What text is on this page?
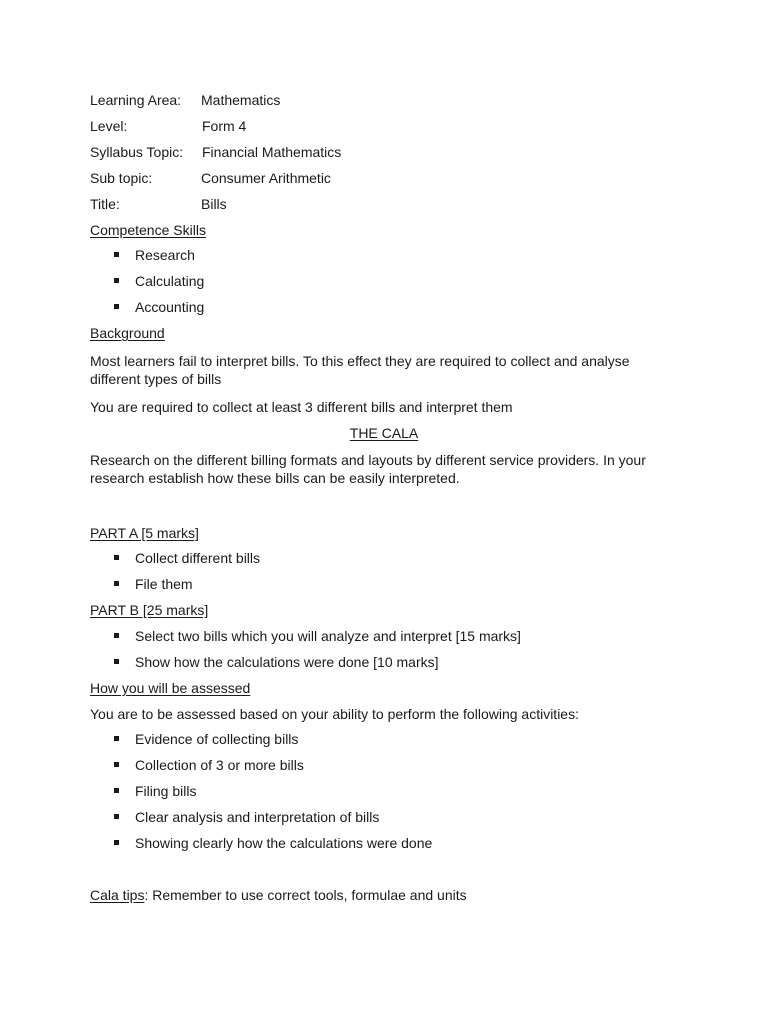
Learning Area: Mathematics
Level:	Form 4
Syllabus Topic: Financial Mathematics
Sub topic:	Consumer Arithmetic
Title:	Bills
Competence Skills
Research
Calculating
Accounting
Background
Most learners fail to interpret bills. To this effect they are required to collect and analyse different types of bills
You are required to collect at least 3 different bills and interpret them
THE CALA
Research on the different billing formats and layouts by different service providers. In your research establish how these bills can be easily interpreted.
PART A [5 marks]
Collect different bills
File them
PART B [25 marks]
Select two bills which you will analyze and interpret [15 marks]
Show how the calculations were done [10 marks]
How you will be assessed
You are to be assessed based on your ability to perform the following activities:
Evidence of collecting bills
Collection of 3 or more bills
Filing bills
Clear analysis and interpretation of bills
Showing clearly how the calculations were done
Cala tips: Remember to use correct tools, formulae and units
